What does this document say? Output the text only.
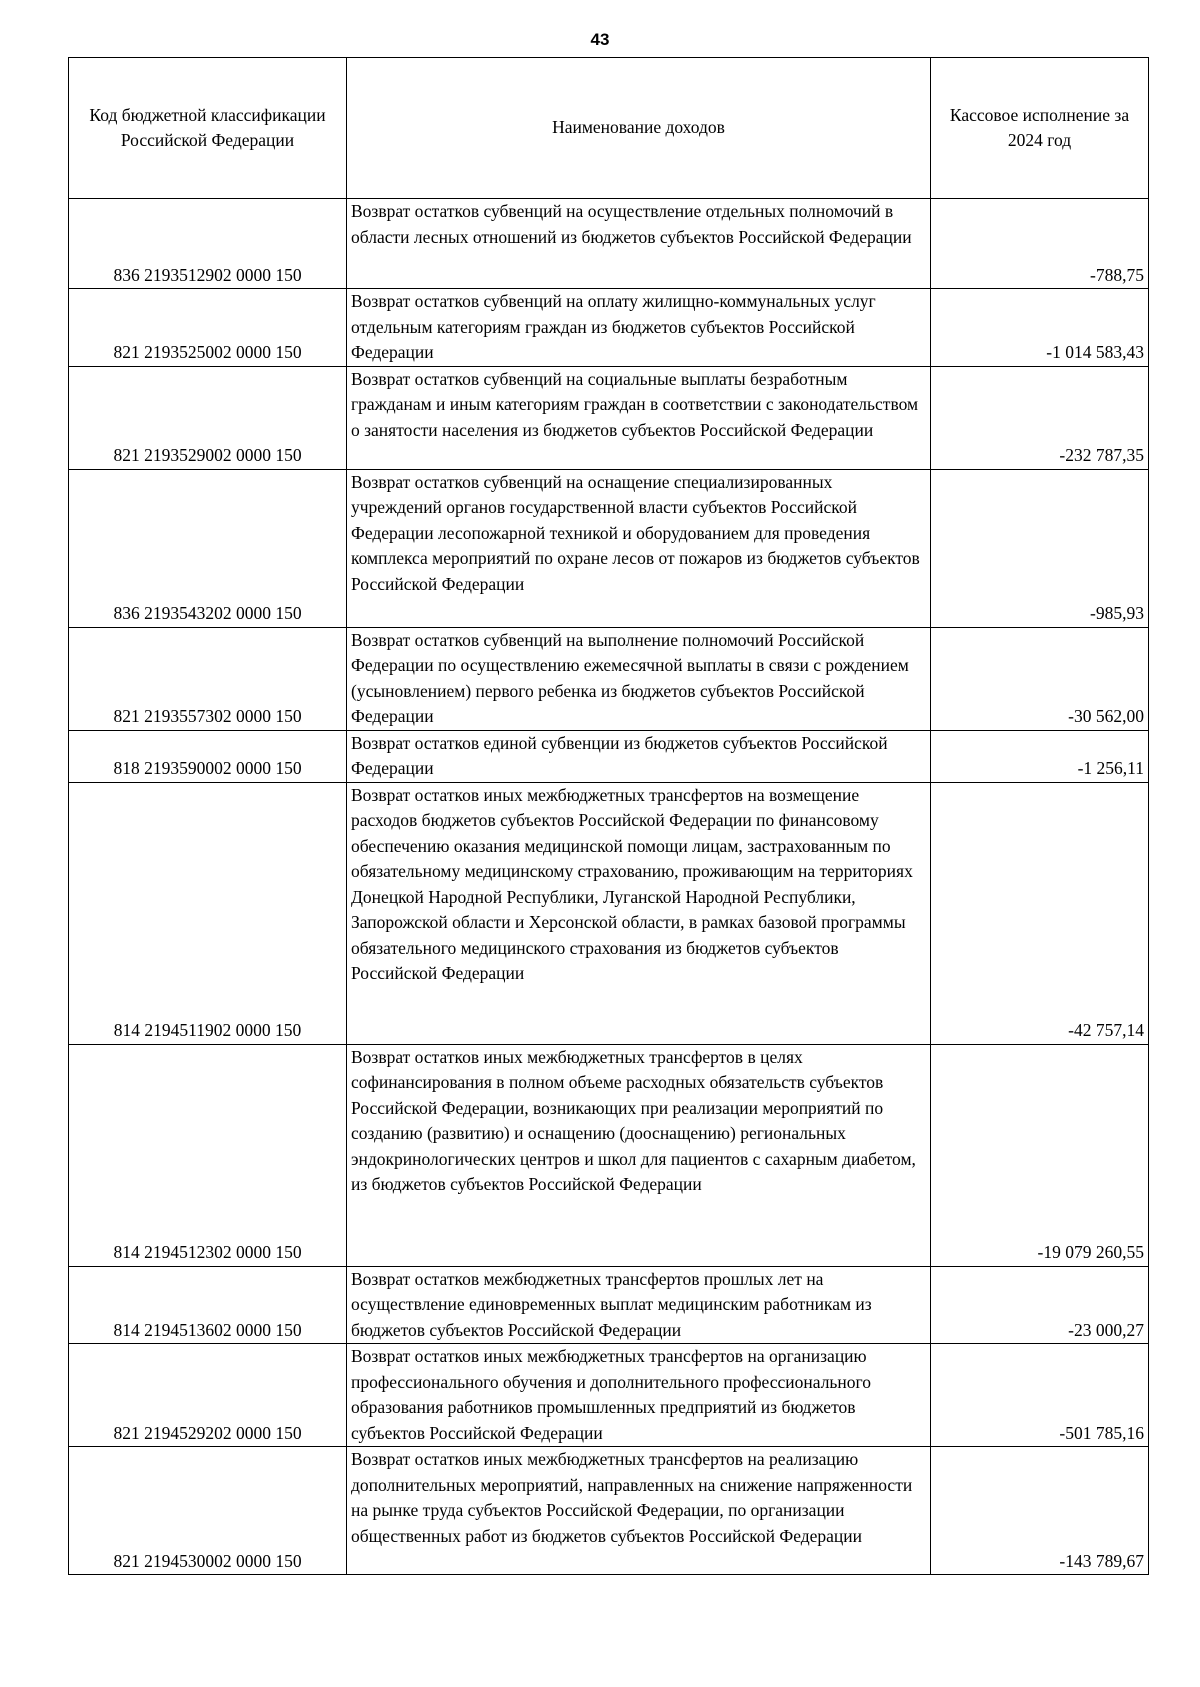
43
Код бюджетной классификации Российской Федерации	Наименование доходов	Кассовое исполнение за 2024 год
836 2193512902 0000 150	Возврат остатков субвенций на осуществление отдельных полномочий в области лесных отношений из бюджетов субъектов Российской Федерации	-788,75
821 2193525002 0000 150	Возврат остатков субвенций на оплату жилищно-коммунальных услуг отдельным категориям граждан из бюджетов субъектов Российской Федерации	-1 014 583,43
821 2193529002 0000 150	Возврат остатков субвенций на социальные выплаты безработным гражданам и иным категориям граждан в соответствии с законодательством о занятости населения из бюджетов субъектов Российской Федерации	-232 787,35
836 2193543202 0000 150	Возврат остатков субвенций на оснащение специализированных учреждений органов государственной власти субъектов Российской Федерации лесопожарной техникой и оборудованием для проведения комплекса мероприятий по охране лесов от пожаров из бюджетов субъектов Российской Федерации	-985,93
821 2193557302 0000 150	Возврат остатков субвенций на выполнение полномочий Российской Федерации по осуществлению ежемесячной выплаты в связи с рождением (усыновлением) первого ребенка из бюджетов субъектов Российской Федерации	-30 562,00
818 2193590002 0000 150	Возврат остатков единой субвенции из бюджетов субъектов Российской Федерации	-1 256,11
814 2194511902 0000 150	Возврат остатков иных межбюджетных трансфертов на возмещение расходов бюджетов субъектов Российской Федерации по финансовому обеспечению оказания медицинской помощи лицам, застрахованным по обязательному медицинскому страхованию, проживающим на территориях Донецкой Народной Республики, Луганской Народной Республики, Запорожской области и Херсонской области, в рамках базовой программы обязательного медицинского страхования из бюджетов субъектов Российской Федерации	-42 757,14
814 2194512302 0000 150	Возврат остатков иных межбюджетных трансфертов в целях софинансирования в полном объеме расходных обязательств субъектов Российской Федерации, возникающих при реализации мероприятий по созданию (развитию) и оснащению (дооснащению) региональных эндокринологических центров и школ для пациентов с сахарным диабетом, из бюджетов субъектов Российской Федерации	-19 079 260,55
814 2194513602 0000 150	Возврат остатков межбюджетных трансфертов прошлых лет на осуществление единовременных выплат медицинским работникам из бюджетов субъектов Российской Федерации	-23 000,27
821 2194529202 0000 150	Возврат остатков иных межбюджетных трансфертов на организацию профессионального обучения и дополнительного профессионального образования работников промышленных предприятий из бюджетов субъектов Российской Федерации	-501 785,16
821 2194530002 0000 150	Возврат остатков иных межбюджетных трансфертов на реализацию дополнительных мероприятий, направленных на снижение напряженности на рынке труда субъектов Российской Федерации, по организации общественных работ из бюджетов субъектов Российской Федерации	-143 789,67
